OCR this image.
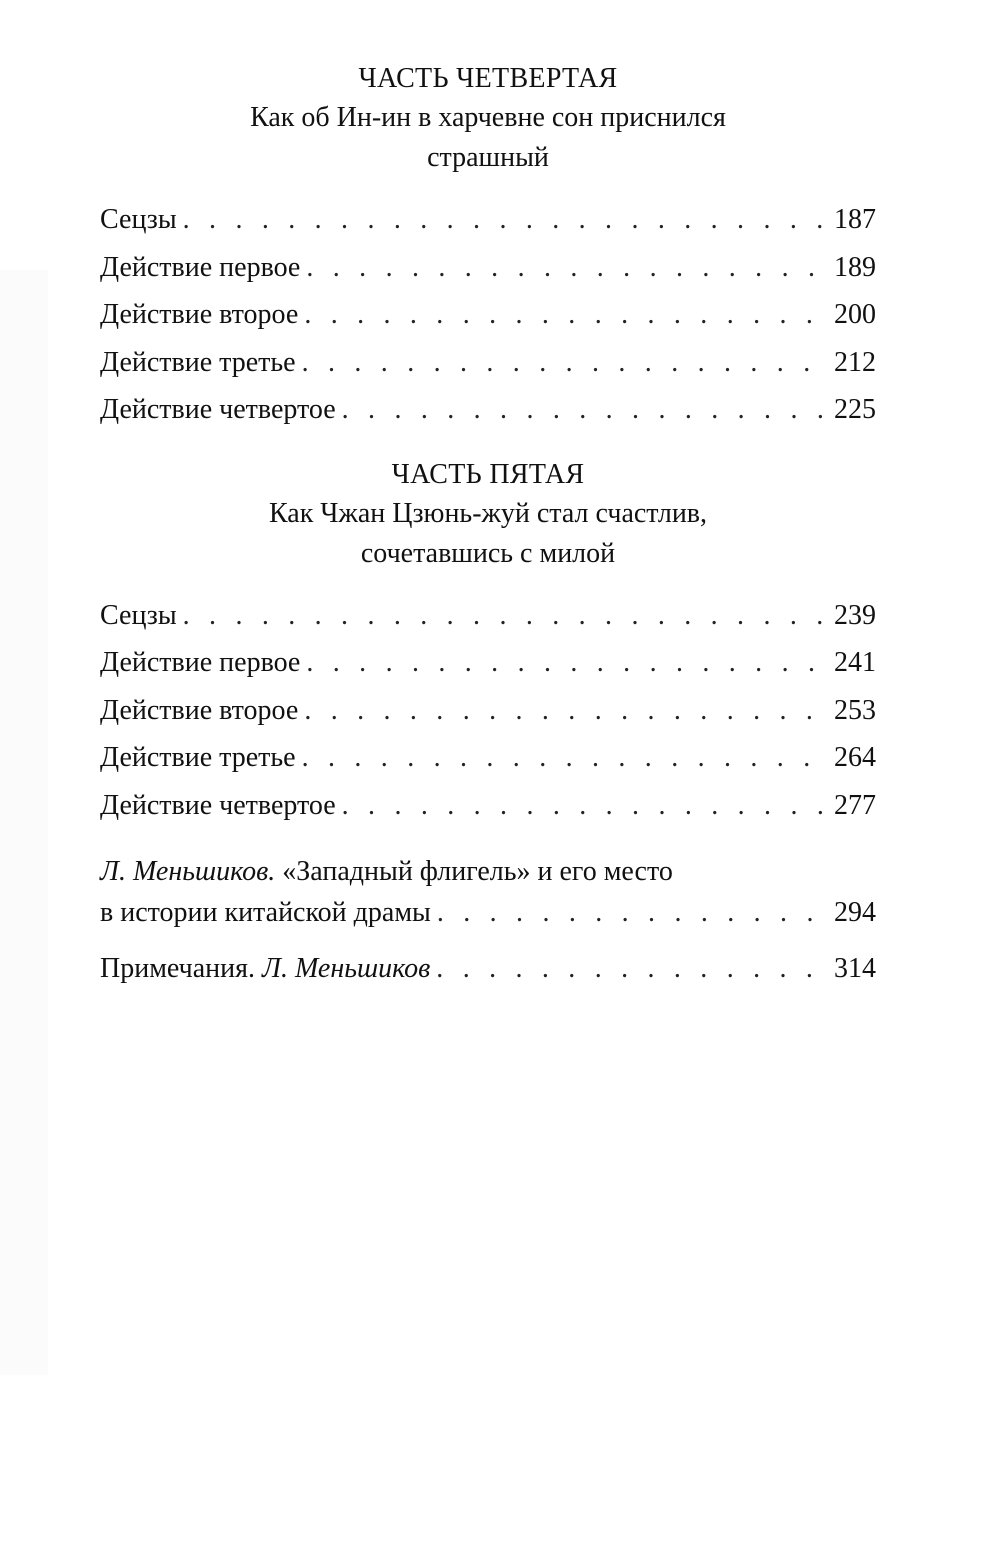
ЧАСТЬ ЧЕТВЕРТАЯ
Как об Ин-ин в харчевне сон приснился
страшный
Сецзы . . .	187
Действие первое . . .	189
Действие второе . . .	200
Действие третье . . .	212
Действие четвертое . . .	225
ЧАСТЬ ПЯТАЯ
Как Чжан Цзюнь-жуй стал счастлив,
сочетавшись с милой
Сецзы . . .	239
Действие первое . . .	241
Действие второе . . .	253
Действие третье . . .	264
Действие четвертое . . .	277
Л. Меньшиков. «Западный флигель» и его место
в истории китайской драмы . . .	294
Примечания. Л. Меньшиков . . .	314
